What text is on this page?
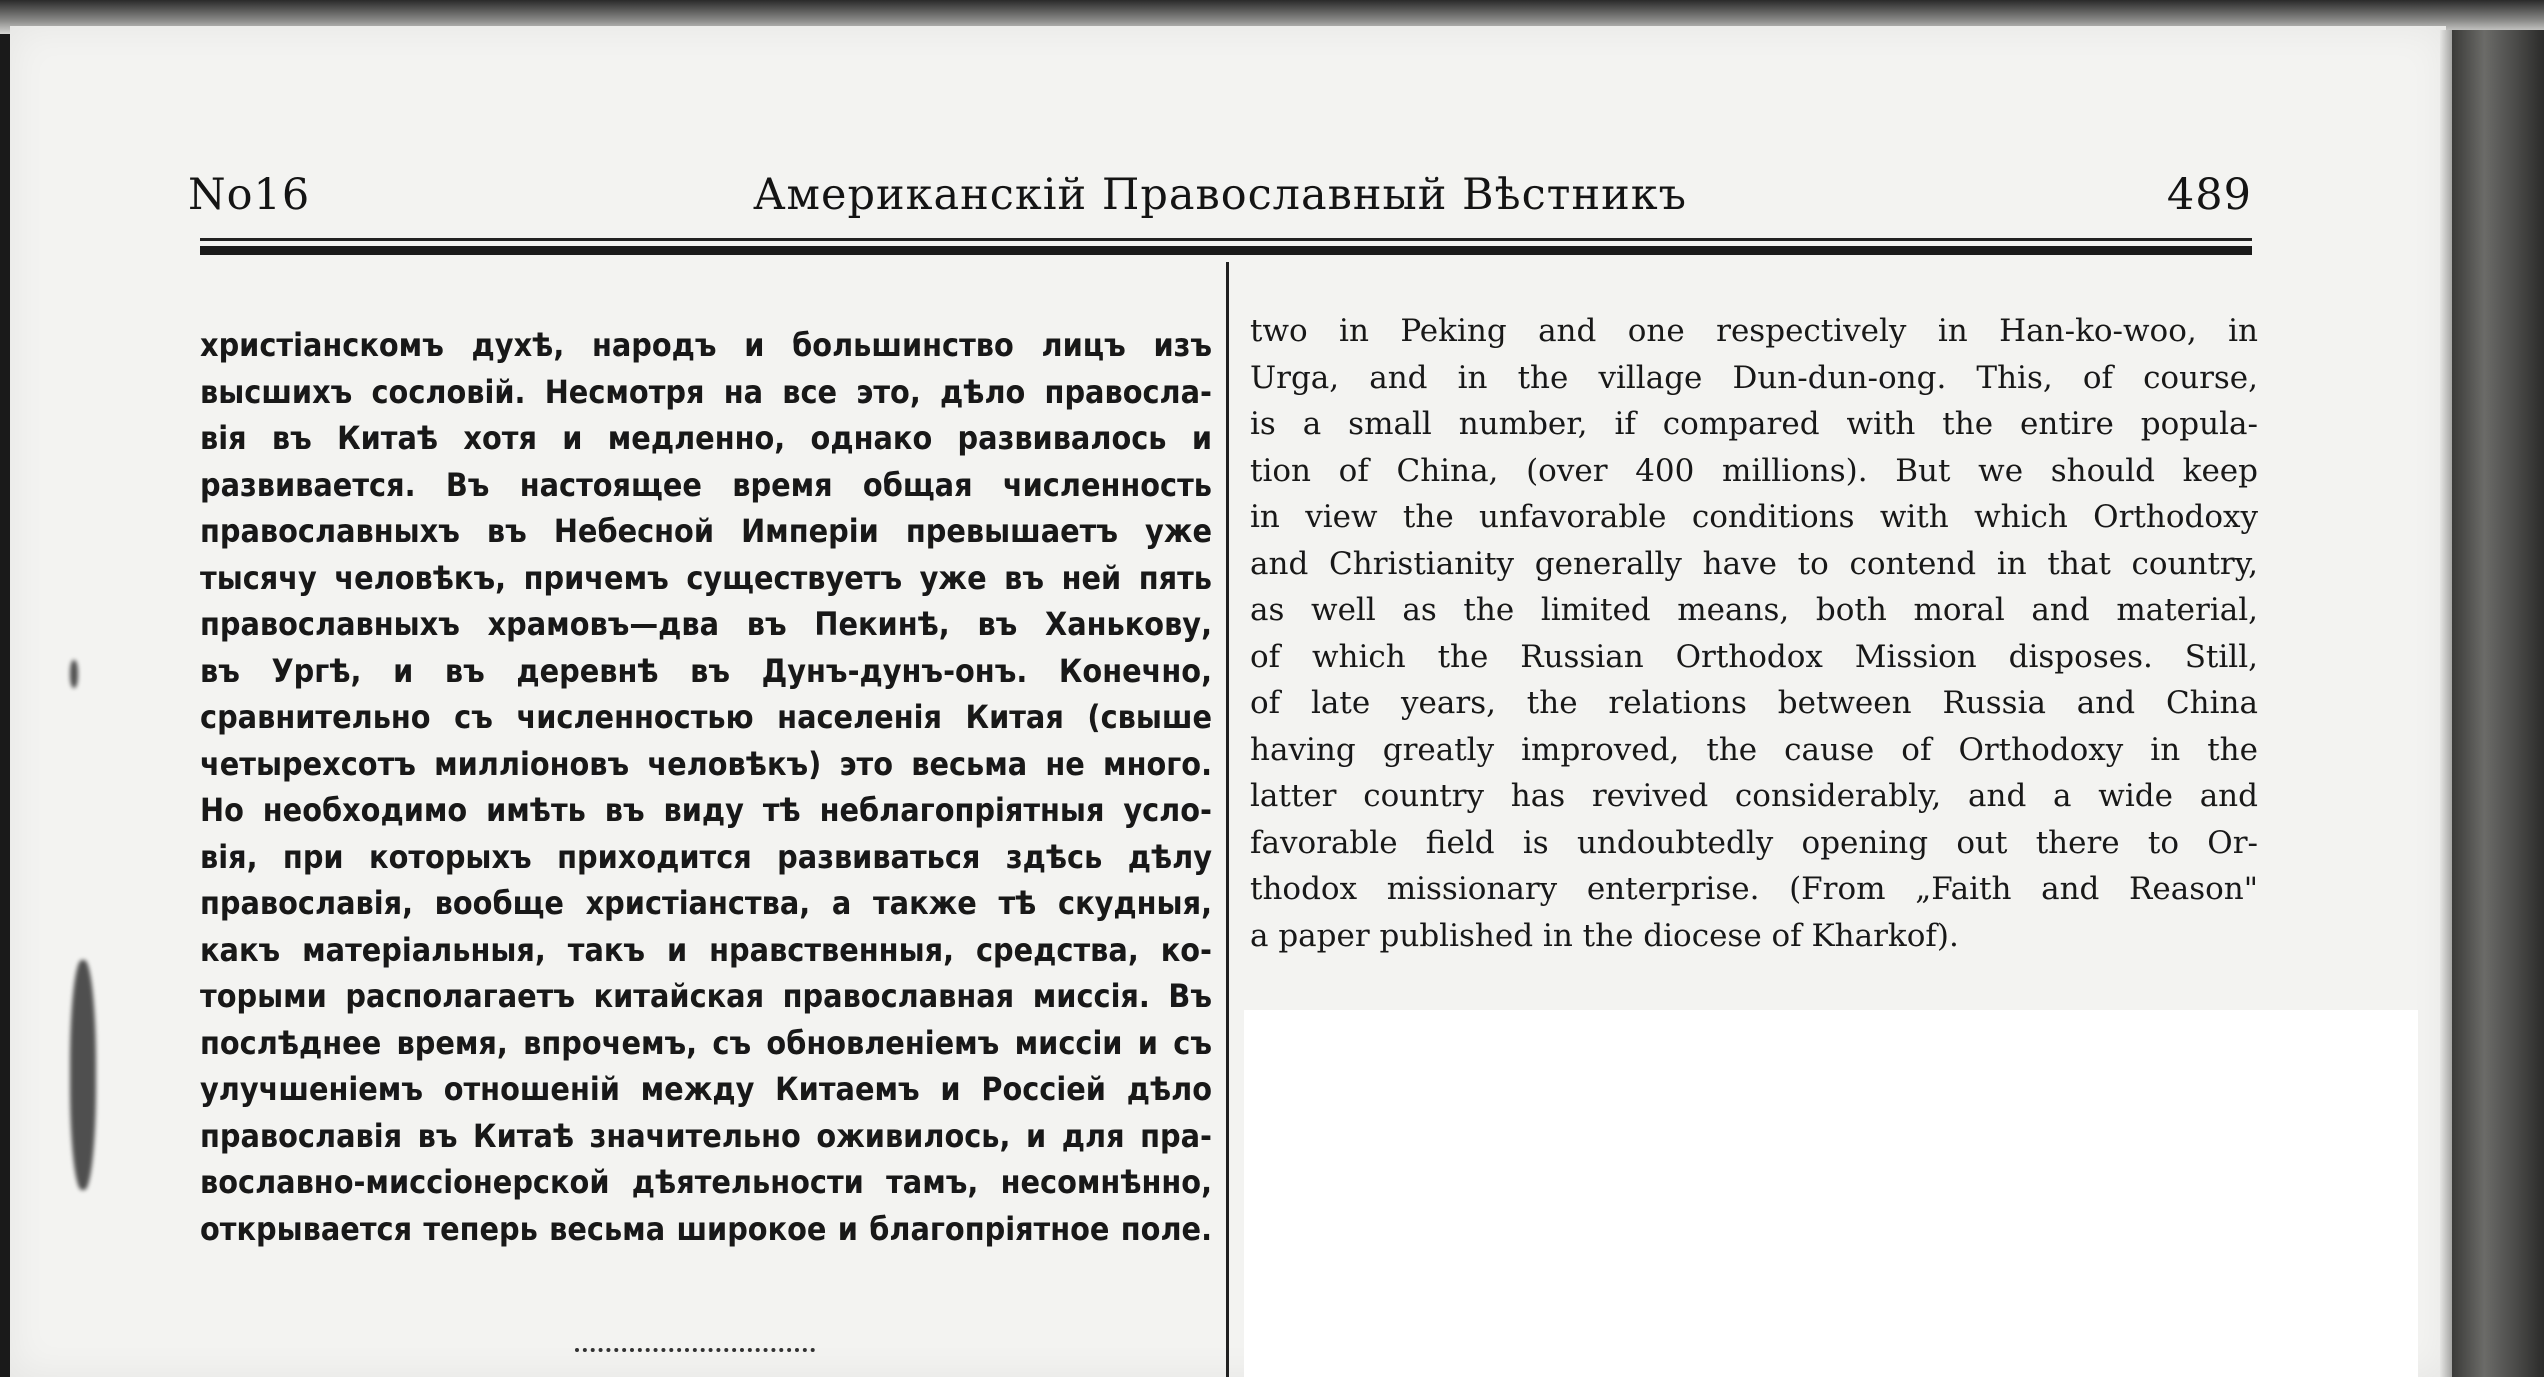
No16	Американскій Православный Вѣстникъ	489
христіанскомъ духѣ, народъ и большинство лицъ изъ
высшихъ сословій. Несмотря на все это, дѣло правосла-
вія въ Китаѣ хотя и медленно, однако развивалось и
развивается. Въ настоящее время общая численность
православныхъ въ Небесной Имперіи превышаетъ уже
тысячу человѣкъ, причемъ существуетъ уже въ ней пять
православныхъ храмовъ—два въ Пекинѣ, въ Ханькову,
въ Ургѣ, и въ деревнѣ въ Дунъ-дунъ-онъ. Конечно,
сравнительно съ численностью населенія Китая (свыше
четырехсотъ милліоновъ человѣкъ) это весьма не много.
Но необходимо имѣть въ виду тѣ неблагопріятныя усло-
вія, при которыхъ приходится развиваться здѣсь дѣлу
православія, вообще христіанства, а также тѣ скудныя,
какъ матеріальныя, такъ и нравственныя, средства, ко-
торыми располагаетъ китайская православная миссія. Въ
послѣднее время, впрочемъ, съ обновленіемъ миссіи и съ
улучшеніемъ отношеній между Китаемъ и Россіей дѣло
православія въ Китаѣ значительно оживилось, и для пра-
вославно-миссіонерской дѣятельности тамъ, несомнѣнно,
открывается теперь весьма широкое и благопріятное поле.
two in Peking and one respectively in Han-ko-woo, in
Urga, and in the village Dun-dun-ong. This, of course,
is a small number, if compared with the entire popula-
tion of China, (over 400 millions). But we should keep
in view the unfavorable conditions with which Orthodoxy
and Christianity generally have to contend in that country,
as well as the limited means, both moral and material,
of which the Russian Orthodox Mission disposes. Still,
of late years, the relations between Russia and China
having greatly improved, the cause of Orthodoxy in the
latter country has revived considerably, and a wide and
favorable field is undoubtedly opening out there to Or-
thodox missionary enterprise. (From „Faith and Reason"
a paper published in the diocese of Kharkof).
